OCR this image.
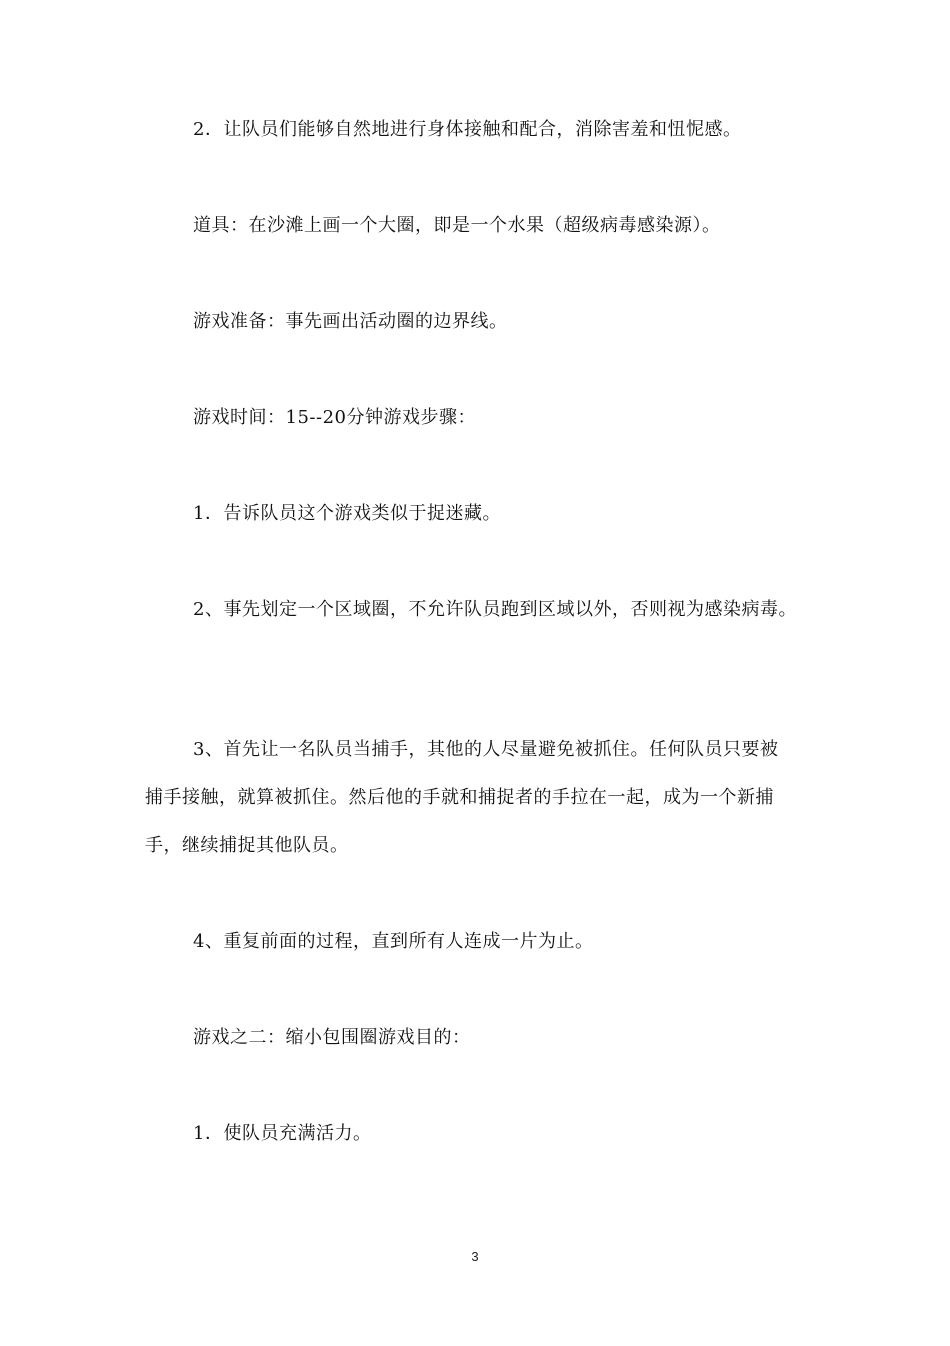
2．让队员们能够自然地进行身体接触和配合，消除害羞和忸怩感。
道具：在沙滩上画一个大圈，即是一个水果（超级病毒感染源）。
游戏准备：事先画出活动圈的边界线。
游戏时间：15--20分钟游戏步骤：
1．告诉队员这个游戏类似于捉迷藏。
2、事先划定一个区域圈，不允许队员跑到区域以外，否则视为感染病毒。
3、首先让一名队员当捕手，其他的人尽量避免被抓住。任何队员只要被
捕手接触，就算被抓住。然后他的手就和捕捉者的手拉在一起，成为一个新捕
手，继续捕捉其他队员。
4、重复前面的过程，直到所有人连成一片为止。
游戏之二：缩小包围圈游戏目的：
1．使队员充满活力。
3
